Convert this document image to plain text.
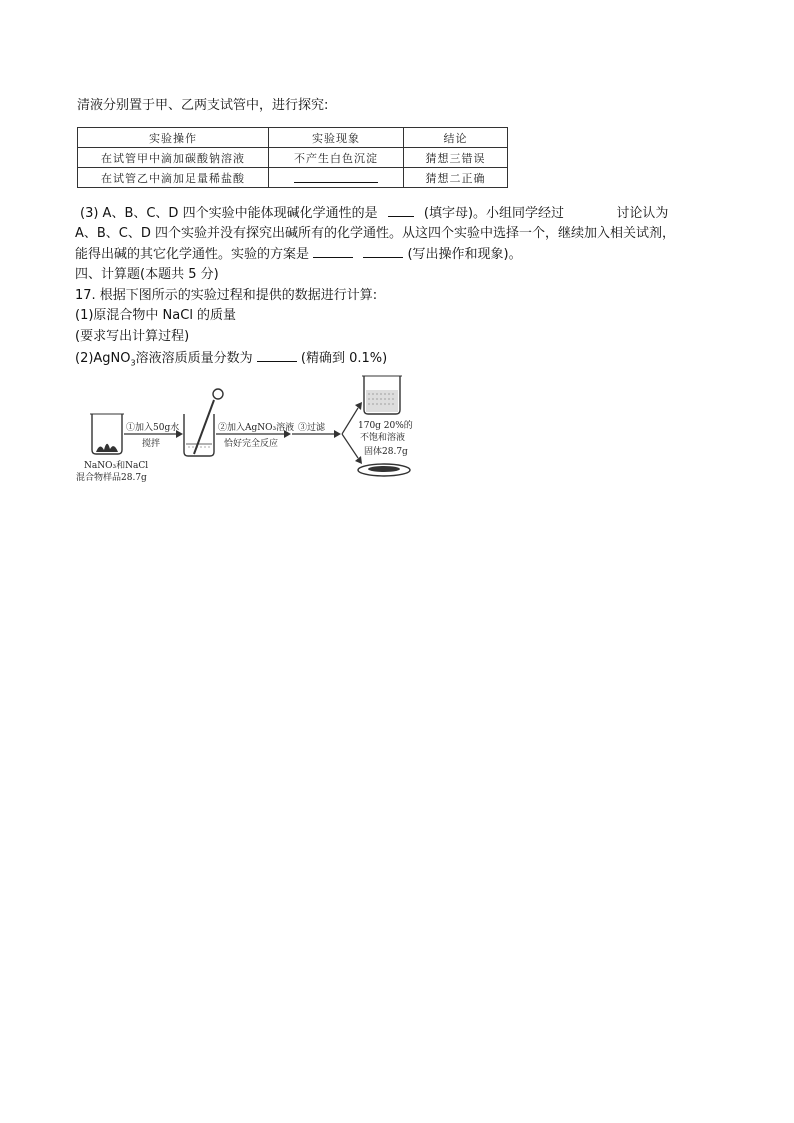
清液分别置于甲、乙两支试管中，进行探究:
实验操作	实验现象	结论
在试管甲中滴加碳酸钠溶液	不产生白色沉淀	猜想三错误
在试管乙中滴加足量稀盐酸		猜想二正确
(3) A、B、C、D 四个实验中能体现碱化学通性的是	(填字母)。小组同学经过	讨论认为
A、B、C、D 四个实验并没有探究出碱所有的化学通性。从这四个实验中选择一个，继续加入相关试剂，
能得出碱的其它化学通性。实验的方案是	(写出操作和现象)。
四、计算题(本题共 5 分)
17. 根据下图所示的实验过程和提供的数据进行计算:
(1)原混合物中 NaCl 的质量
(要求写出计算过程)
(2)AgNO$_3$溶液溶质质量分数为	(精确到 0.1%)
NaNO₃和NaCl
混合物样品28.7g
①加入50g水
搅拌
②加入AgNO₃溶液
恰好完全反应
③过滤	170g 20%的
不饱和溶液
固体28.7g
